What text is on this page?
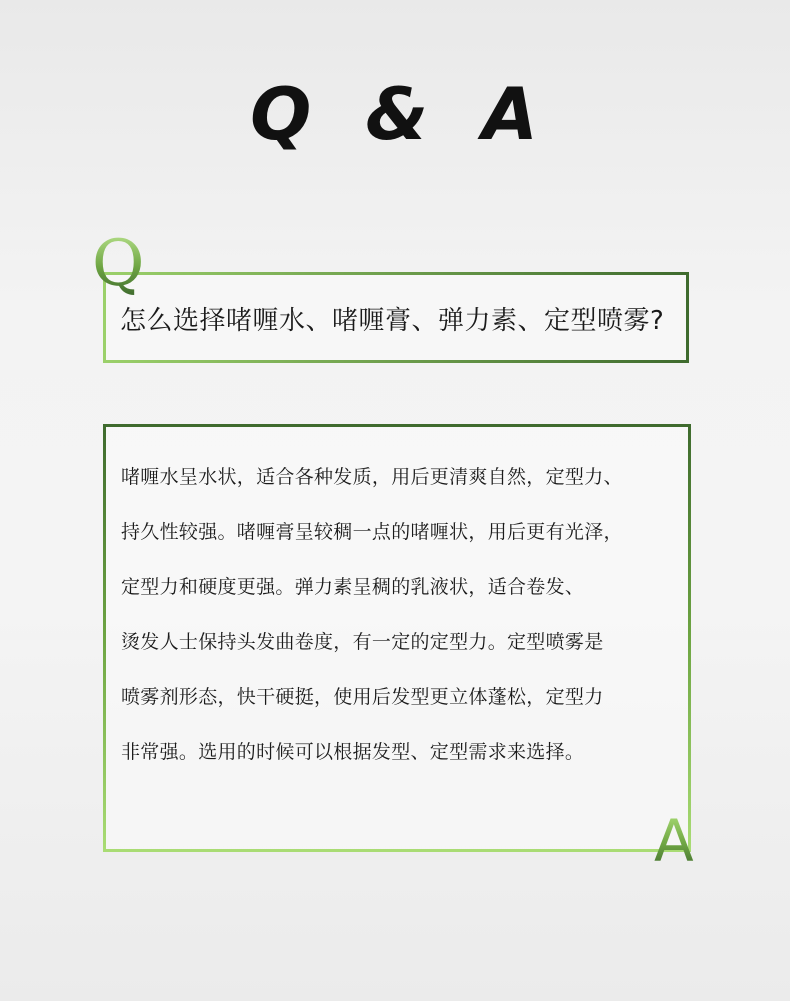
Q & A
Q
怎么选择啫喱水、啫喱膏、弹力素、定型喷雾?
啫喱水呈水状，适合各种发质，用后更清爽自然，定型力、
持久性较强。啫喱膏呈较稠一点的啫喱状，用后更有光泽，
定型力和硬度更强。弹力素呈稠的乳液状，适合卷发、
烫发人士保持头发曲卷度，有一定的定型力。定型喷雾是
喷雾剂形态，快干硬挺，使用后发型更立体蓬松，定型力
非常强。选用的时候可以根据发型、定型需求来选择。
A
